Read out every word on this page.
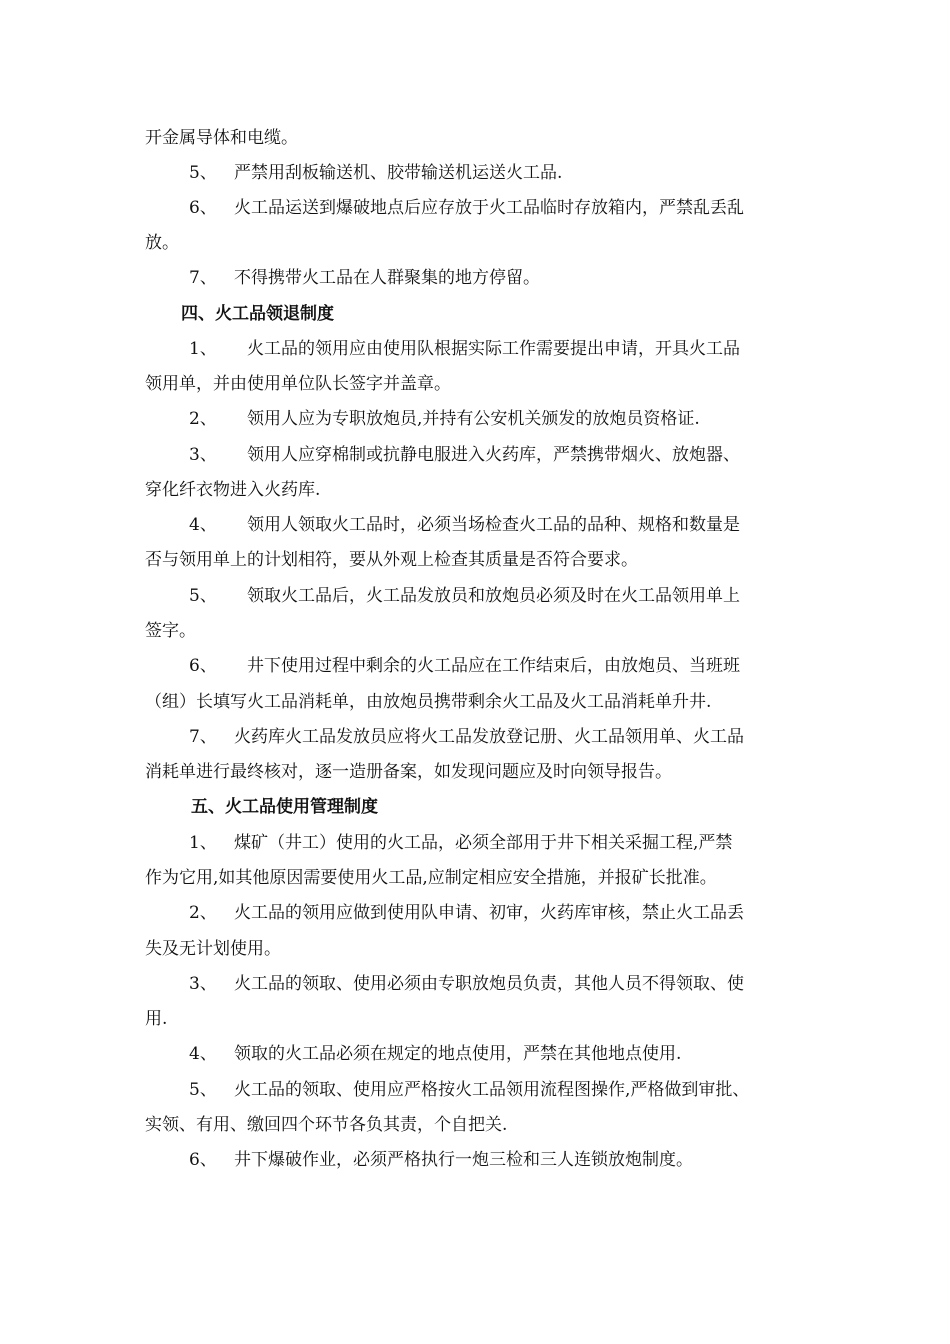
开金属导体和电缆。
5、 严禁用刮板输送机、胶带输送机运送火工品.
6、 火工品运送到爆破地点后应存放于火工品临时存放箱内，严禁乱丢乱
放。
7、 不得携带火工品在人群聚集的地方停留。
四、火工品领退制度
1、 火工品的领用应由使用队根据实际工作需要提出申请，开具火工品
领用单，并由使用单位队长签字并盖章。
2、 领用人应为专职放炮员,并持有公安机关颁发的放炮员资格证.
3、 领用人应穿棉制或抗静电服进入火药库，严禁携带烟火、放炮器、
穿化纤衣物进入火药库.
4、 领用人领取火工品时，必须当场检查火工品的品种、规格和数量是
否与领用单上的计划相符，要从外观上检查其质量是否符合要求。
5、 领取火工品后，火工品发放员和放炮员必须及时在火工品领用单上
签字。
6、 井下使用过程中剩余的火工品应在工作结束后，由放炮员、当班班
（组）长填写火工品消耗单，由放炮员携带剩余火工品及火工品消耗单升井.
7、 火药库火工品发放员应将火工品发放登记册、火工品领用单、火工品
消耗单进行最终核对，逐一造册备案，如发现问题应及时向领导报告。
五、火工品使用管理制度
1、 煤矿（井工）使用的火工品，必须全部用于井下相关采掘工程,严禁
作为它用,如其他原因需要使用火工品,应制定相应安全措施，并报矿长批准。
2、 火工品的领用应做到使用队申请、初审，火药库审核，禁止火工品丢
失及无计划使用。
3、 火工品的领取、使用必须由专职放炮员负责，其他人员不得领取、使
用.
4、 领取的火工品必须在规定的地点使用，严禁在其他地点使用.
5、 火工品的领取、使用应严格按火工品领用流程图操作,严格做到审批、
实领、有用、缴回四个环节各负其责，个自把关.
6、 井下爆破作业，必须严格执行一炮三检和三人连锁放炮制度。
